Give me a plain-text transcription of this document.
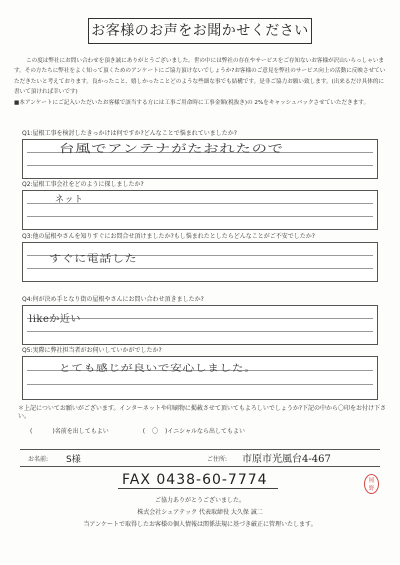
お客様のお声をお聞かせください
この度は弊社にお問い合わせを頂き誠にありがとうございました。世の中には弊社の存在やサービスをご存知ないお客様が沢山いらっしゃいます。その方たちに弊社をよく知って頂くためのアンケートにご協力頂けないでしょうか?お客様のご意見を弊社のサービス向上の活動に反映させていただきたいと考えております。良かったこと、嬉しかったことどのような些細な事でも結構です。是非ご協力お願い致します。(出来るだけ具体的に書いて頂ければ幸いです)
■本アンケートにご記入いただいたお客様で該当する方には工事ご用命時に工事金額(税抜き)の 2%をキャッシュバックさせていただきます。
Q1:屋根工事を検討したきっかけは何ですか?どんなことで悩まれていましたか?
台風でアンテナがたおれたので
Q2:屋根工事会社をどのように探しましたか?
ネット
Q3:他の屋根やさんを知りすぐにお問合せ頂けましたか?もし悩まれたとしたらどんなことがご不安でしたか?
すぐに電話した
Q4:何が決め手となり街の屋根やさんにお問い合わせ頂きましたか?
likeか近い
Q5:実際に弊社担当者がお伺いしていかがでしたか?
とても感じが良いで安心しました。
＊上記についてお願いがございます。インターネットや印刷物に掲載させて頂いてもよろしいでしょうか?下記の中から〇印をお付け下さい。
(	)名前を出してもよい	( 〇 )イニシャルなら出してもよい
お名前: S様	ご住所: 市原市光風台4-467
FAX 0438-60-7774	岡
野
ご協力ありがとうございました。
株式会社シェアテック 代表取締役 大久保 誠二
当アンケートで取得したお客様の個人情報は関係法規に基づき厳正に管理いたします。
